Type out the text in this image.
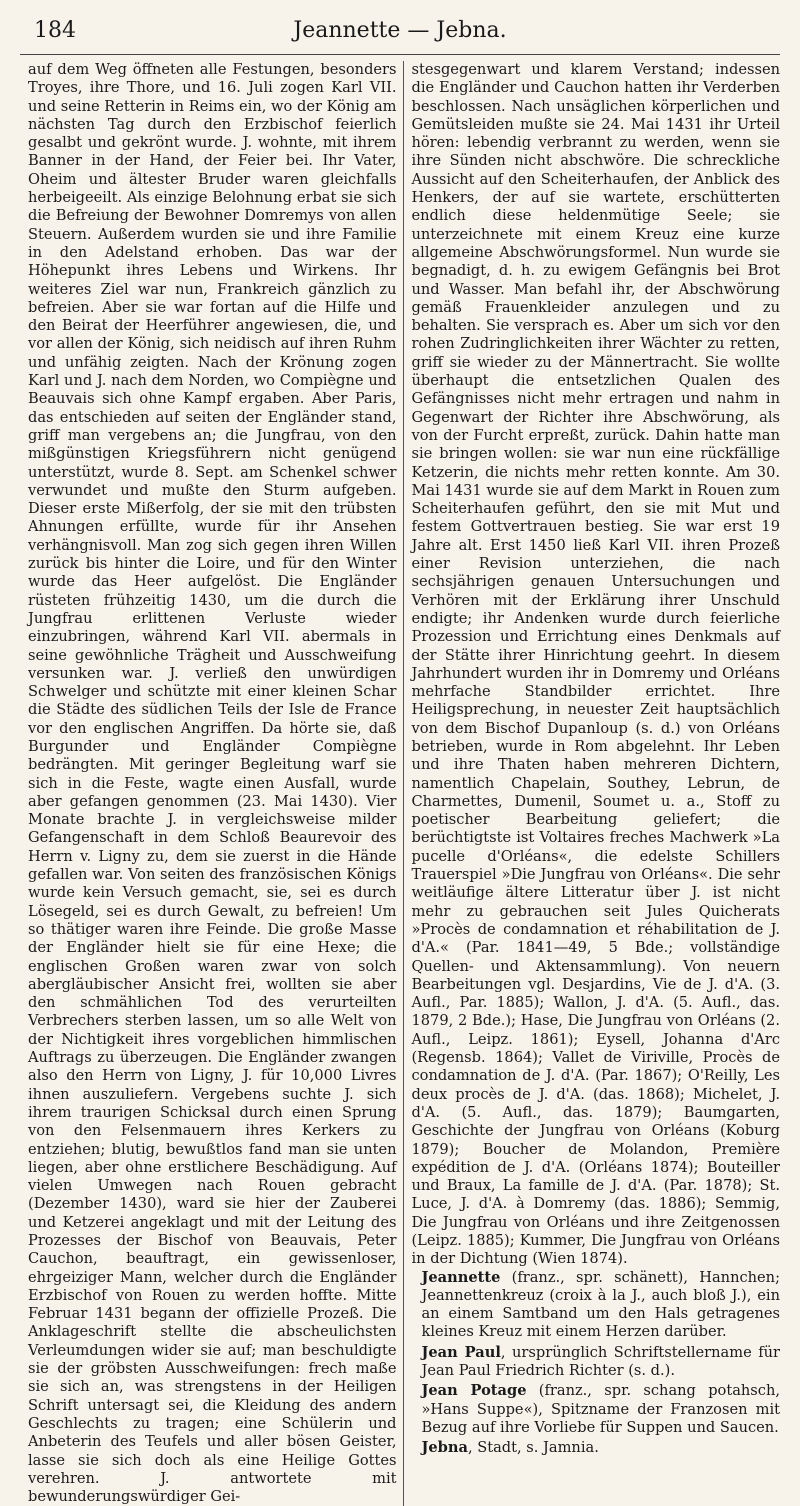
184	Jeannette — Jebna.

auf dem Weg öffneten alle Festungen, besonders Troyes, ihre Thore, und 16. Juli zogen Karl VII. und seine Retterin in Reims ein, wo der König am nächsten Tag durch den Erzbischof feierlich gesalbt und gekrönt wurde. J. wohnte, mit ihrem Banner in der Hand, der Feier bei. Ihr Vater, Oheim und ältester Bruder waren gleichfalls herbeigeeilt. Als einzige Belohnung erbat sie sich die Befreiung der Bewohner Domremys von allen Steuern. Außerdem wurden sie und ihre Familie in den Adelstand erhoben. Das war der Höhepunkt ihres Lebens und Wirkens. Ihr weiteres Ziel war nun, Frankreich gänzlich zu befreien. Aber sie war fortan auf die Hilfe und den Beirat der Heerführer angewiesen, die, und vor allen der König, sich neidisch auf ihren Ruhm und unfähig zeigten. Nach der Krönung zogen Karl und J. nach dem Norden, wo Compiègne und Beauvais sich ohne Kampf ergaben. Aber Paris, das entschieden auf seiten der Engländer stand, griff man vergebens an; die Jungfrau, von den mißgünstigen Kriegsführern nicht genügend unterstützt, wurde 8. Sept. am Schenkel schwer verwundet und mußte den Sturm aufgeben. Dieser erste Mißerfolg, der sie mit den trübsten Ahnungen erfüllte, wurde für ihr Ansehen verhängnisvoll. Man zog sich gegen ihren Willen zurück bis hinter die Loire, und für den Winter wurde das Heer aufgelöst. Die Engländer rüsteten frühzeitig 1430, um die durch die Jungfrau erlittenen Verluste wieder einzubringen, während Karl VII. abermals in seine gewöhnliche Trägheit und Ausschweifung versunken war. J. verließ den unwürdigen Schwelger und schützte mit einer kleinen Schar die Städte des südlichen Teils der Isle de France vor den englischen Angriffen. Da hörte sie, daß Burgunder und Engländer Compiègne bedrängten. Mit geringer Begleitung warf sie sich in die Feste, wagte einen Ausfall, wurde aber gefangen genommen (23. Mai 1430). Vier Monate brachte J. in vergleichsweise milder Gefangenschaft in dem Schloß Beaurevoir des Herrn v. Ligny zu, dem sie zuerst in die Hände gefallen war. Von seiten des französischen Königs wurde kein Versuch gemacht, sie, sei es durch Lösegeld, sei es durch Gewalt, zu befreien! Um so thätiger waren ihre Feinde. Die große Masse der Engländer hielt sie für eine Hexe; die englischen Großen waren zwar von solch abergläubischer Ansicht frei, wollten sie aber den schmählichen Tod des verurteilten Verbrechers sterben lassen, um so alle Welt von der Nichtigkeit ihres vorgeblichen himmlischen Auftrags zu überzeugen. Die Engländer zwangen also den Herrn von Ligny, J. für 10,000 Livres ihnen auszuliefern. Vergebens suchte J. sich ihrem traurigen Schicksal durch einen Sprung von den Felsenmauern ihres Kerkers zu entziehen; blutig, bewußtlos fand man sie unten liegen, aber ohne erstlichere Beschädigung. Auf vielen Umwegen nach Rouen gebracht (Dezember 1430), ward sie hier der Zauberei und Ketzerei angeklagt und mit der Leitung des Prozesses der Bischof von Beauvais, Peter Cauchon, beauftragt, ein gewissenloser, ehrgeiziger Mann, welcher durch die Engländer Erzbischof von Rouen zu werden hoffte. Mitte Februar 1431 begann der offizielle Prozeß. Die Anklageschrift stellte die abscheulichsten Verleumdungen wider sie auf; man beschuldigte sie der gröbsten Ausschweifungen: frech maße sie sich an, was strengstens in der Heiligen Schrift untersagt sei, die Kleidung des andern Geschlechts zu tragen; eine Schülerin und Anbeterin des Teufels und aller bösen Geister, lasse sie sich doch als eine Heilige Gottes verehren. J. antwortete mit bewunderungswürdiger Gei-

stesgegenwart und klarem Verstand; indessen die Engländer und Cauchon hatten ihr Verderben beschlossen. Nach unsäglichen körperlichen und Gemütsleiden mußte sie 24. Mai 1431 ihr Urteil hören: lebendig verbrannt zu werden, wenn sie ihre Sünden nicht abschwöre. Die schreckliche Aussicht auf den Scheiterhaufen, der Anblick des Henkers, der auf sie wartete, erschütterten endlich diese heldenmütige Seele; sie unterzeichnete mit einem Kreuz eine kurze allgemeine Abschwörungsformel. Nun wurde sie begnadigt, d. h. zu ewigem Gefängnis bei Brot und Wasser. Man befahl ihr, der Abschwörung gemäß Frauenkleider anzulegen und zu behalten. Sie versprach es. Aber um sich vor den rohen Zudringlichkeiten ihrer Wächter zu retten, griff sie wieder zu der Männertracht. Sie wollte überhaupt die entsetzlichen Qualen des Gefängnisses nicht mehr ertragen und nahm in Gegenwart der Richter ihre Abschwörung, als von der Furcht erpreßt, zurück. Dahin hatte man sie bringen wollen: sie war nun eine rückfällige Ketzerin, die nichts mehr retten konnte. Am 30. Mai 1431 wurde sie auf dem Markt in Rouen zum Scheiterhaufen geführt, den sie mit Mut und festem Gottvertrauen bestieg. Sie war erst 19 Jahre alt. Erst 1450 ließ Karl VII. ihren Prozeß einer Revision unterziehen, die nach sechsjährigen genauen Untersuchungen und Verhören mit der Erklärung ihrer Unschuld endigte; ihr Andenken wurde durch feierliche Prozession und Errichtung eines Denkmals auf der Stätte ihrer Hinrichtung geehrt. In diesem Jahrhundert wurden ihr in Domremy und Orléans mehrfache Standbilder errichtet. Ihre Heiligsprechung, in neuester Zeit hauptsächlich von dem Bischof Dupanloup (s. d.) von Orléans betrieben, wurde in Rom abgelehnt. Ihr Leben und ihre Thaten haben mehreren Dichtern, namentlich Chapelain, Southey, Lebrun, de Charmettes, Dumenil, Soumet u. a., Stoff zu poetischer Bearbeitung geliefert; die berüchtigtste ist Voltaires freches Machwerk »La pucelle d'Orléans«, die edelste Schillers Trauerspiel »Die Jungfrau von Orléans«. Die sehr weitläufige ältere Litteratur über J. ist nicht mehr zu gebrauchen seit Jules Quicherats »Procès de condamnation et réhabilitation de J. d'A.« (Par. 1841—49, 5 Bde.; vollständige Quellen- und Aktensammlung). Von neuern Bearbeitungen vgl. Desjardins, Vie de J. d'A. (3. Aufl., Par. 1885); Wallon, J. d'A. (5. Aufl., das. 1879, 2 Bde.); Hase, Die Jungfrau von Orléans (2. Aufl., Leipz. 1861); Eysell, Johanna d'Arc (Regensb. 1864); Vallet de Viriville, Procès de condamnation de J. d'A. (Par. 1867); O'Reilly, Les deux procès de J. d'A. (das. 1868); Michelet, J. d'A. (5. Aufl., das. 1879); Baumgarten, Geschichte der Jungfrau von Orléans (Koburg 1879); Boucher de Molandon, Première expédition de J. d'A. (Orléans 1874); Bouteiller und Braux, La famille de J. d'A. (Par. 1878); St. Luce, J. d'A. à Domremy (das. 1886); Semmig, Die Jungfrau von Orléans und ihre Zeitgenossen (Leipz. 1885); Kummer, Die Jungfrau von Orléans in der Dichtung (Wien 1874).

Jeannette (franz., spr. schänett), Hannchen; Jeannettenkreuz (croix à la J., auch bloß J.), ein an einem Samtband um den Hals getragenes kleines Kreuz mit einem Herzen darüber.

Jean Paul, ursprünglich Schriftstellername für Jean Paul Friedrich Richter (s. d.).

Jean Potage (franz., spr. schang potahsch, »Hans Suppe«), Spitzname der Franzosen mit Bezug auf ihre Vorliebe für Suppen und Saucen.

Jebna, Stadt, s. Jamnia.
